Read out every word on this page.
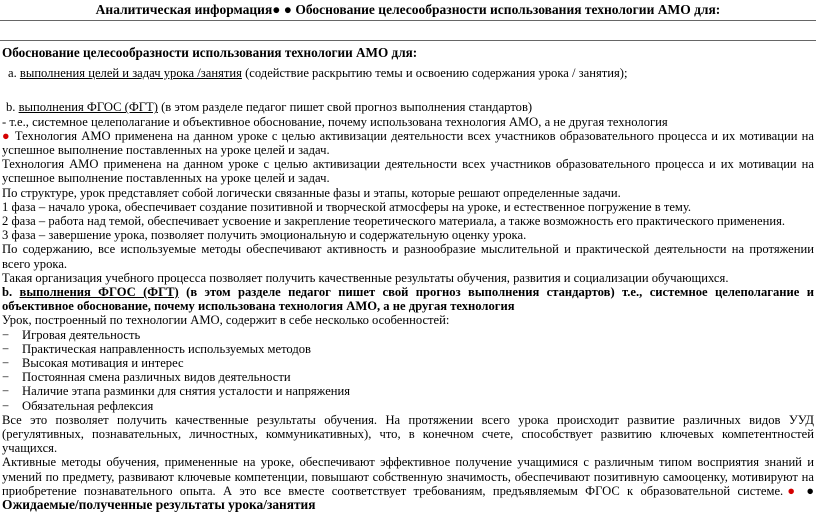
Аналитическая информация● ● Обоснование целесообразности использования технологии АМО для:

Обоснование целесообразности использования технологии АМО для:

a. выполнения целей и задач урока /занятия (содействие раскрытию темы и освоению содержания урока / занятия);

b. выполнения ФГОС (ФГТ) (в этом разделе педагог пишет свой прогноз выполнения стандартов)

- т.е., системное целеполагание и объективное обоснование, почему использована технология АМО, а не другая технология

● Технология АМО применена на данном уроке с целью активизации деятельности всех участников образовательного процесса и их мотивации на успешное выполнение поставленных на уроке целей и задач.

Технология АМО применена на данном уроке с целью активизации деятельности всех участников образовательного процесса и их мотивации на успешное выполнение поставленных на уроке целей и задач.

По структуре, урок представляет собой логически связанные фазы и этапы, которые решают определенные задачи.

1 фаза – начало урока, обеспечивает создание позитивной и творческой атмосферы на уроке, и естественное погружение в тему.

2 фаза – работа над темой, обеспечивает усвоение и закрепление теоретического материала, а также возможность его практического применения.

3 фаза – завершение урока, позволяет получить эмоциональную и содержательную оценку урока.

По содержанию, все используемые методы обеспечивают активность и разнообразие мыслительной и практической деятельности на протяжении всего урока.

Такая организация учебного процесса позволяет получить качественные результаты обучения, развития и социализации обучающихся.

b. выполнения ФГОС (ФГТ) (в этом разделе педагог пишет свой прогноз выполнения стандартов) т.е., системное целеполагание и объективное обоснование, почему использована технология АМО, а не другая технология

Урок, построенный по технологии АМО, содержит в себе несколько особенностей:

−	Игровая деятельность
−	Практическая направленность используемых методов
−	Высокая мотивация и интерес
−	Постоянная смена различных видов деятельности
−	Наличие этапа разминки для снятия усталости и напряжения
−	Обязательная рефлексия

Все это позволяет получить качественные результаты обучения. На протяжении всего урока происходит развитие различных видов УУД (регулятивных, познавательных, личностных, коммуникативных), что, в конечном счете, способствует развитию ключевых компетентностей учащихся.

Активные методы обучения, примененные на уроке, обеспечивают эффективное получение учащимися с различным типом восприятия знаний и умений по предмету, развивают ключевые компетенции, повышают собственную значимость, обеспечивают позитивную самооценку, мотивируют на приобретение познавательного опыта. А это все вместе соответствует требованиям, предъявляемым ФГОС к образовательной системе.● ● Ожидаемые/полученные результаты урока/занятия
